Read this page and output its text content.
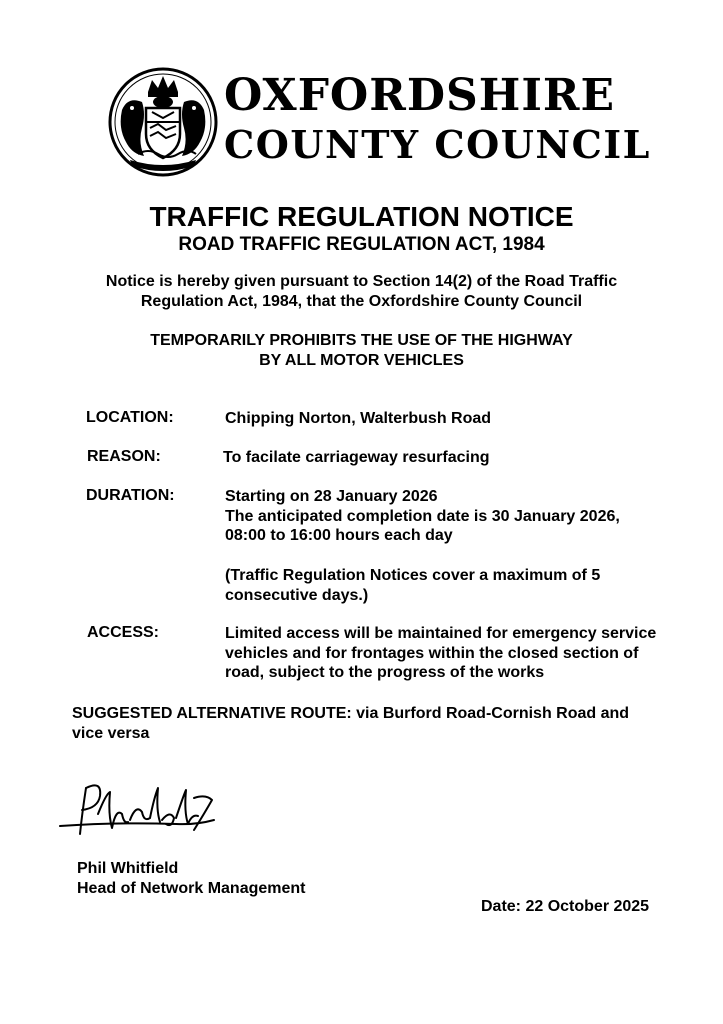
OXFORDSHIRE
COUNTY COUNCIL
TRAFFIC REGULATION NOTICE
ROAD TRAFFIC REGULATION ACT, 1984
Notice is hereby given pursuant to Section 14(2) of the Road Traffic
Regulation Act, 1984, that the Oxfordshire County Council
TEMPORARILY PROHIBITS THE USE OF THE HIGHWAY
BY ALL MOTOR VEHICLES
LOCATION:	Chipping Norton, Walterbush Road
REASON:	To facilate carriageway resurfacing
DURATION:	Starting on 28 January 2026
The anticipated completion date is 30 January 2026,
08:00 to 16:00 hours each day
(Traffic Regulation Notices cover a maximum of 5
consecutive days.)
ACCESS:	Limited access will be maintained for emergency service
vehicles and for frontages within the closed section of
road, subject to the progress of the works
SUGGESTED ALTERNATIVE ROUTE: via Burford Road-Cornish Road and
vice versa
Phil Whitfield
Head of Network Management
Date: 22 October 2025
